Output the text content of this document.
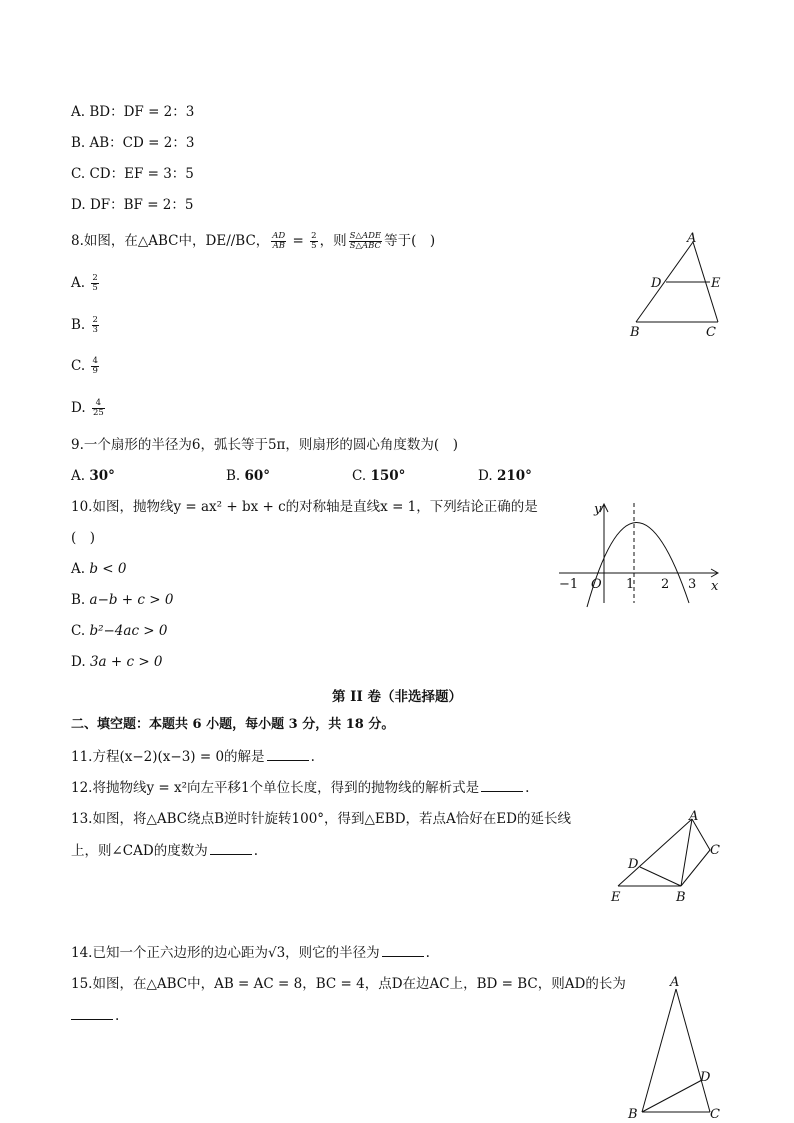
A. BD：DF = 2：3
B. AB：CD = 2：3
C. CD：EF = 3：5
D. DF：BF = 2：5
8.如图，在△ABC中，DE//BC， $\frac{AD}{AB} = \frac{2}{5}$ ，则 $\frac{\text{S△ADE}}{\text{S△ABC}}$ 等于(　)
A. $\frac{2}{5}$
B. $\frac{2}{3}$
C. $\frac{4}{9}$
D. $\frac{4}{25}$
A
D	E
B	C
9.一个扇形的半径为6，弧长等于5π，则扇形的圆心角度数为(　)
A. 30°	B. 60°	C. 150°	D. 210°
10.如图，抛物线y = ax² + bx + c的对称轴是直线x = 1，下列结论正确的是
(　)
A. b < 0
B. a−b + c > 0
C. b²−4ac > 0
D. 3a + c > 0
y
x
O
−1	1 2 3
第 II 卷（非选择题）
二、填空题：本题共 6 小题，每小题 3 分，共 18 分。
11.方程(x−2)(x−3) = 0的解是	.
12.将抛物线y = x²向左平移1个单位长度，得到的抛物线的解析式是	.
13.如图，将△ABC绕点B逆时针旋转100°，得到△EBD，若点A恰好在ED的延长线
上，则∠CAD的度数为	.
A
C
D
E	B
14.已知一个正六边形的边心距为√3，则它的半径为	.
15.如图，在△ABC中，AB = AC = 8，BC = 4，点D在边AC上，BD = BC，则AD的长为
.
A
D
B	C
